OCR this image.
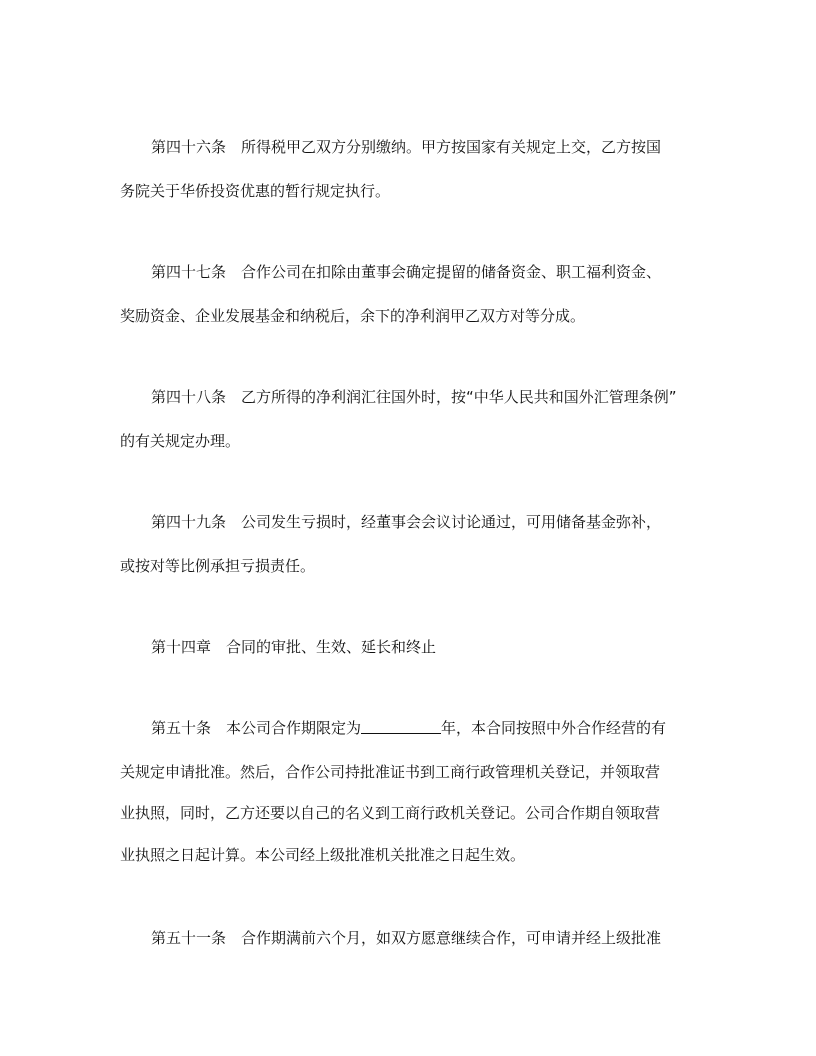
第四十六条　所得税甲乙双方分别缴纳。甲方按国家有关规定上交，乙方按国
务院关于华侨投资优惠的暂行规定执行。
第四十七条　合作公司在扣除由董事会确定提留的储备资金、职工福利资金、
奖励资金、企业发展基金和纳税后，余下的净利润甲乙双方对等分成。
第四十八条　乙方所得的净利润汇往国外时，按“中华人民共和国外汇管理条例”
的有关规定办理。
第四十九条　公司发生亏损时，经董事会会议讨论通过，可用储备基金弥补，
或按对等比例承担亏损责任。
第十四章　合同的审批、生效、延长和终止
第五十条　本公司合作期限定为	年，本合同按照中外合作经营的有
关规定申请批准。然后，合作公司持批准证书到工商行政管理机关登记，并领取营
业执照，同时，乙方还要以自己的名义到工商行政机关登记。公司合作期自领取营
业执照之日起计算。本公司经上级批准机关批准之日起生效。
第五十一条　合作期满前六个月，如双方愿意继续合作，可申请并经上级批准
